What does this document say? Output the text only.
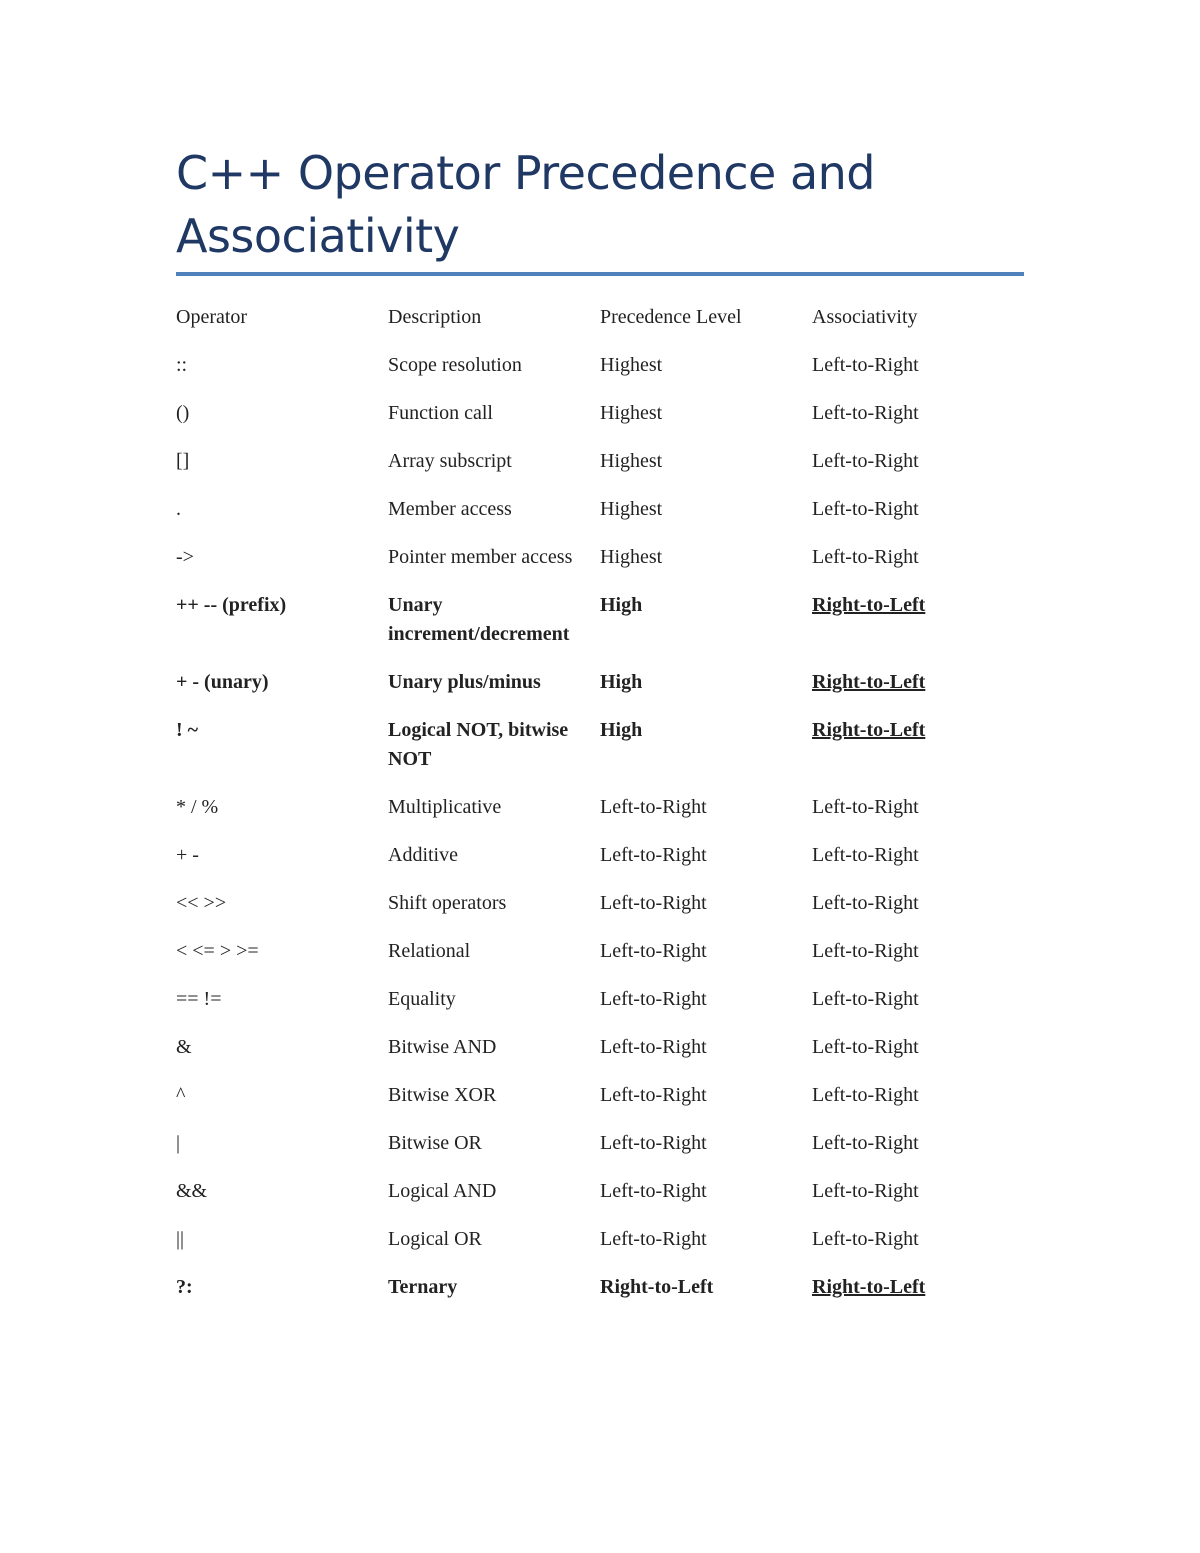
C++ Operator Precedence and Associativity
Operator	Description	Precedence Level	Associativity

::	Scope resolution	Highest	Left-to-Right

()	Function call	Highest	Left-to-Right

[]	Array subscript	Highest	Left-to-Right

.	Member access	Highest	Left-to-Right

->	Pointer member access	Highest	Left-to-Right

++ -- (prefix)	Unary increment/decrement	High	Right-to-Left

+ - (unary)	Unary plus/minus	High	Right-to-Left

! ~	Logical NOT, bitwise NOT	High	Right-to-Left

* / %	Multiplicative	Left-to-Right	Left-to-Right

+ -	Additive	Left-to-Right	Left-to-Right

<< >>	Shift operators	Left-to-Right	Left-to-Right

< <= > >=	Relational	Left-to-Right	Left-to-Right

== !=	Equality	Left-to-Right	Left-to-Right

&	Bitwise AND	Left-to-Right	Left-to-Right

^	Bitwise XOR	Left-to-Right	Left-to-Right

|	Bitwise OR	Left-to-Right	Left-to-Right

&&	Logical AND	Left-to-Right	Left-to-Right

||	Logical OR	Left-to-Right	Left-to-Right

?:	Ternary	Right-to-Left	Right-to-Left
